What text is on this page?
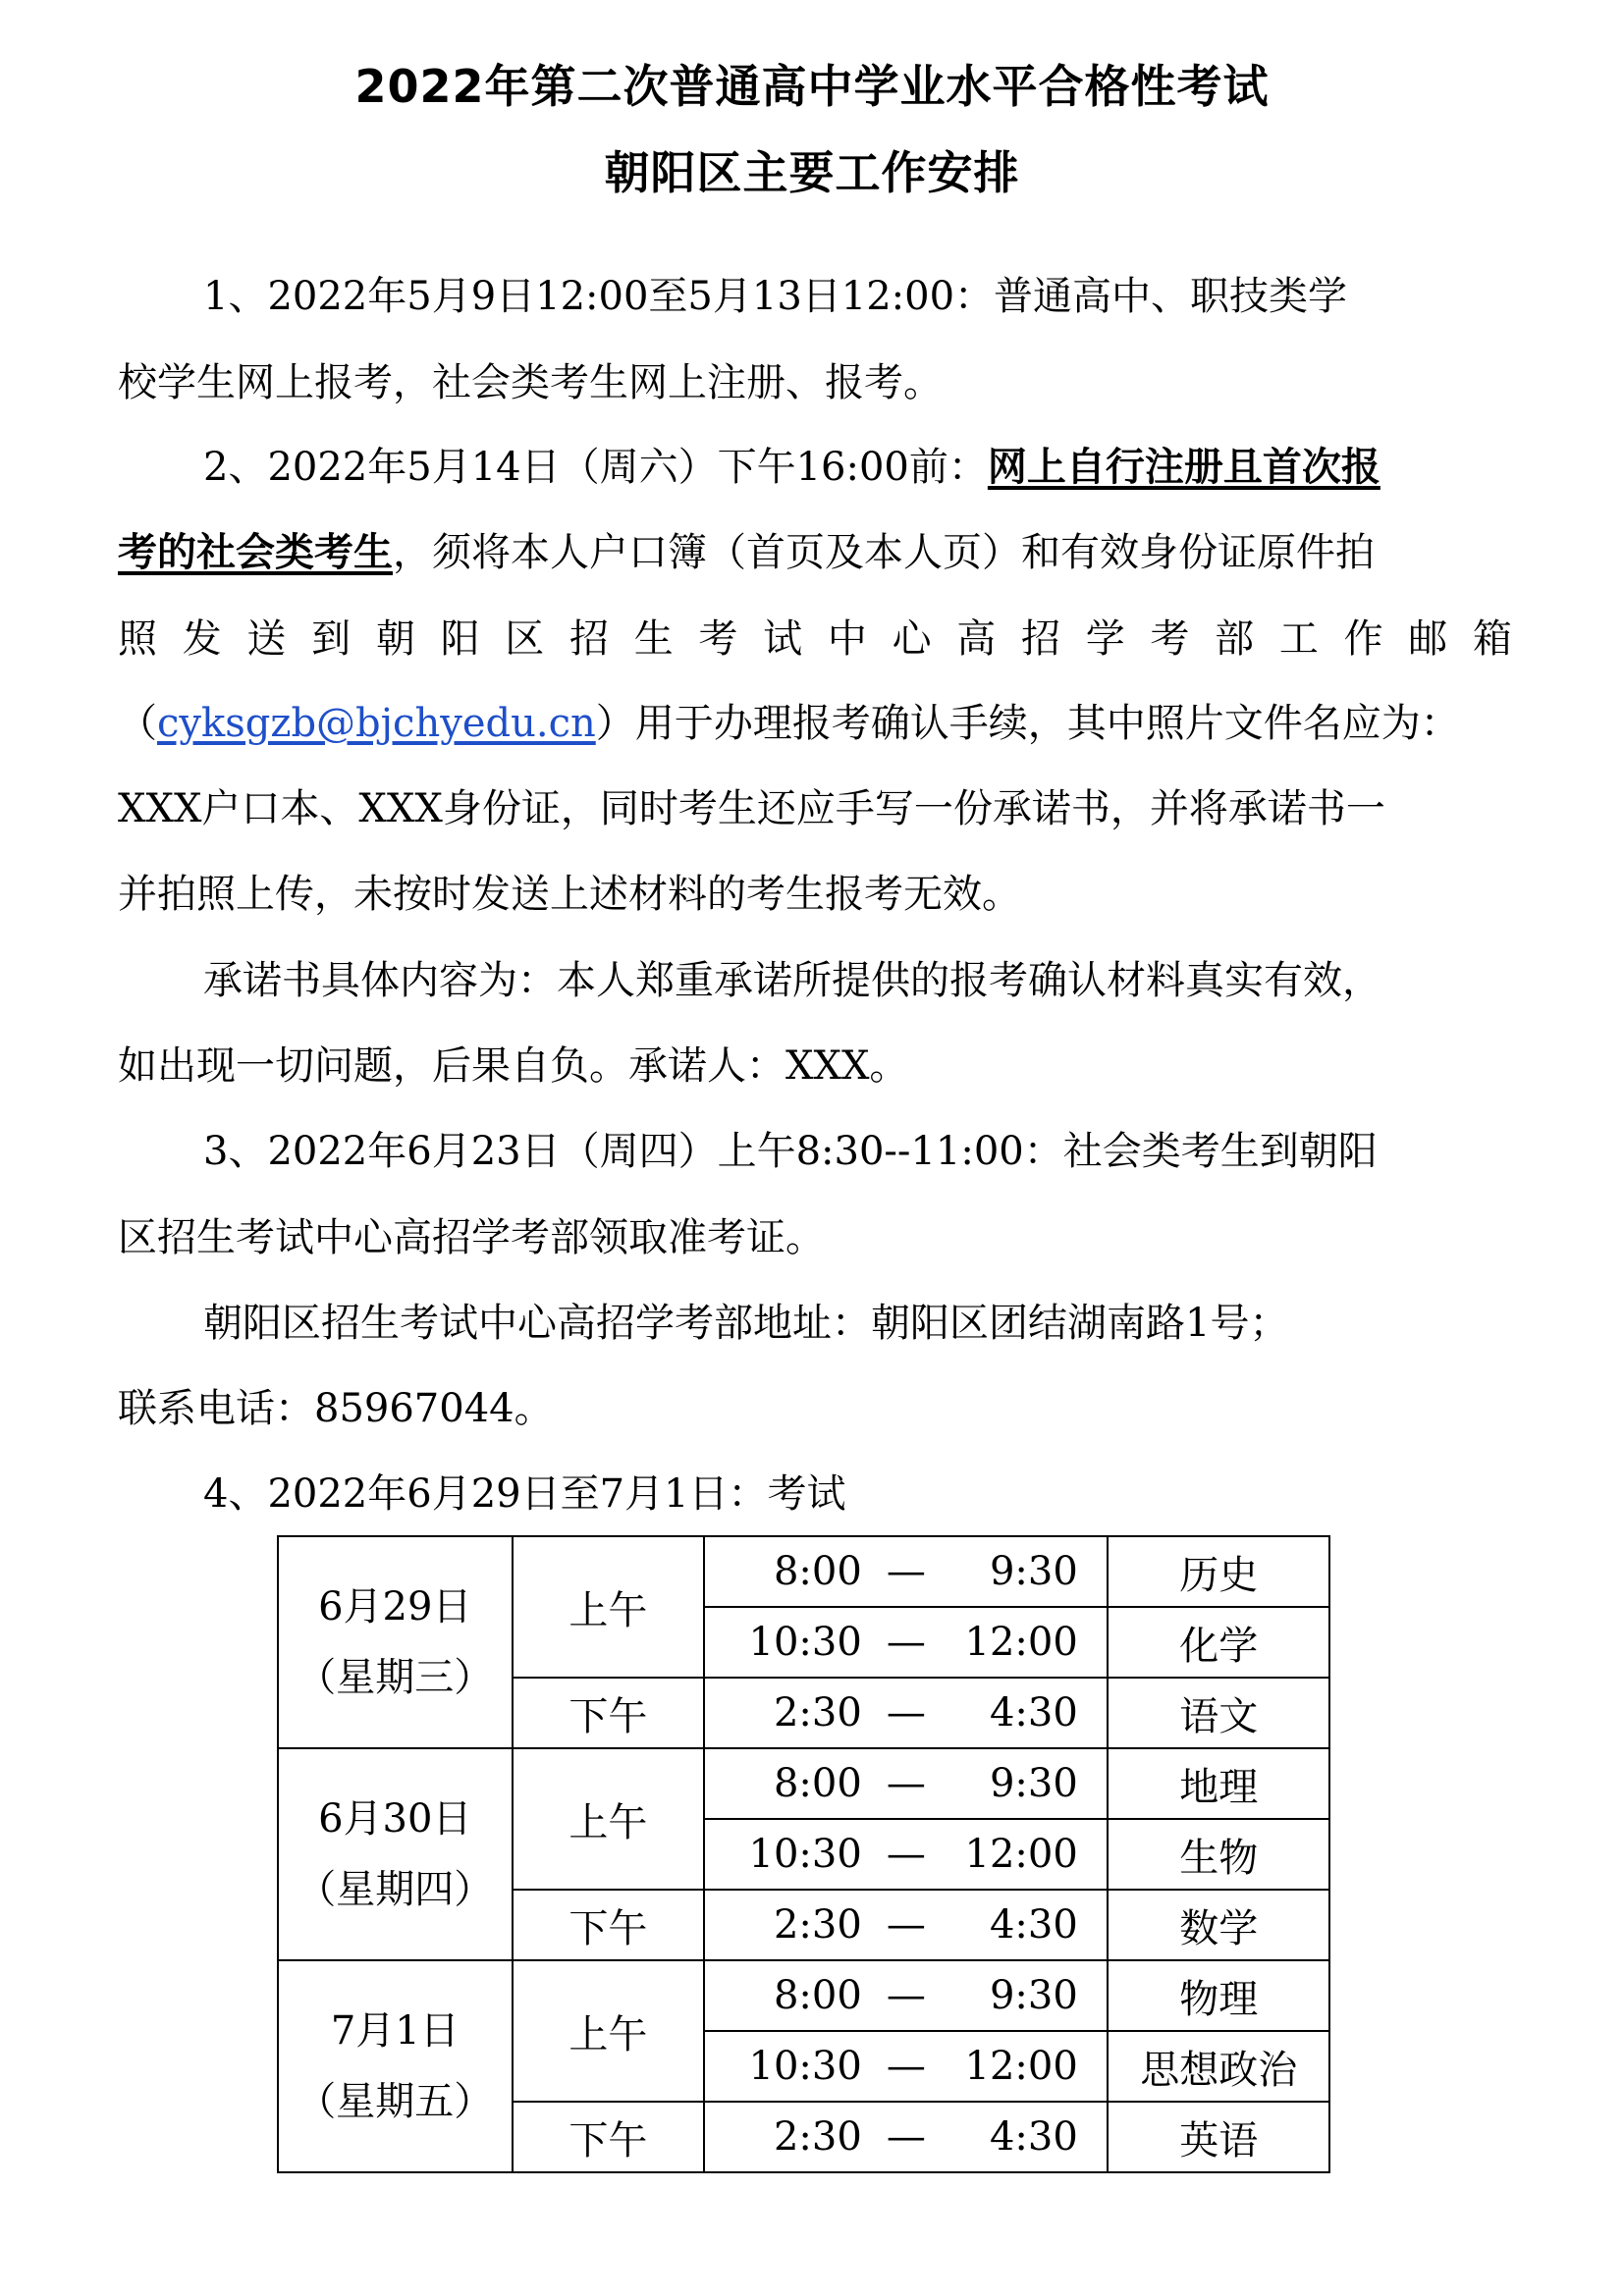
2022年第二次普通高中学业水平合格性考试
朝阳区主要工作安排
1、2022年5月9日12:00至5月13日12:00：普通高中、职技类学
校学生网上报考，社会类考生网上注册、报考。
2、2022年5月14日（周六）下午16:00前：网上自行注册且首次报
考的社会类考生，须将本人户口簿（首页及本人页）和有效身份证原件拍
照发送到朝阳区招生考试中心高招学考部工作邮箱
（cyksgzb@bjchyedu.cn）用于办理报考确认手续，其中照片文件名应为：
XXX户口本、XXX身份证，同时考生还应手写一份承诺书，并将承诺书一
并拍照上传，未按时发送上述材料的考生报考无效。
承诺书具体内容为：本人郑重承诺所提供的报考确认材料真实有效，
如出现一切问题，后果自负。承诺人：XXX。
3、2022年6月23日（周四）上午8:30--11:00：社会类考生到朝阳
区招生考试中心高招学考部领取准考证。
朝阳区招生考试中心高招学考部地址：朝阳区团结湖南路1号；
联系电话：85967044。
4、2022年6月29日至7月1日：考试
6月29日
（星期三）	上午	8:00 — 9:30	历史
		10:30 — 12:00	化学
	下午	2:30 — 4:30	语文

6月30日
（星期四）	上午	8:00 — 9:30	地理
		10:30 — 12:00	生物
	下午	2:30 — 4:30	数学

7月1日
（星期五）	上午	8:00 — 9:30	物理
		10:30 — 12:00	思想政治
	下午	2:30 — 4:30	英语
